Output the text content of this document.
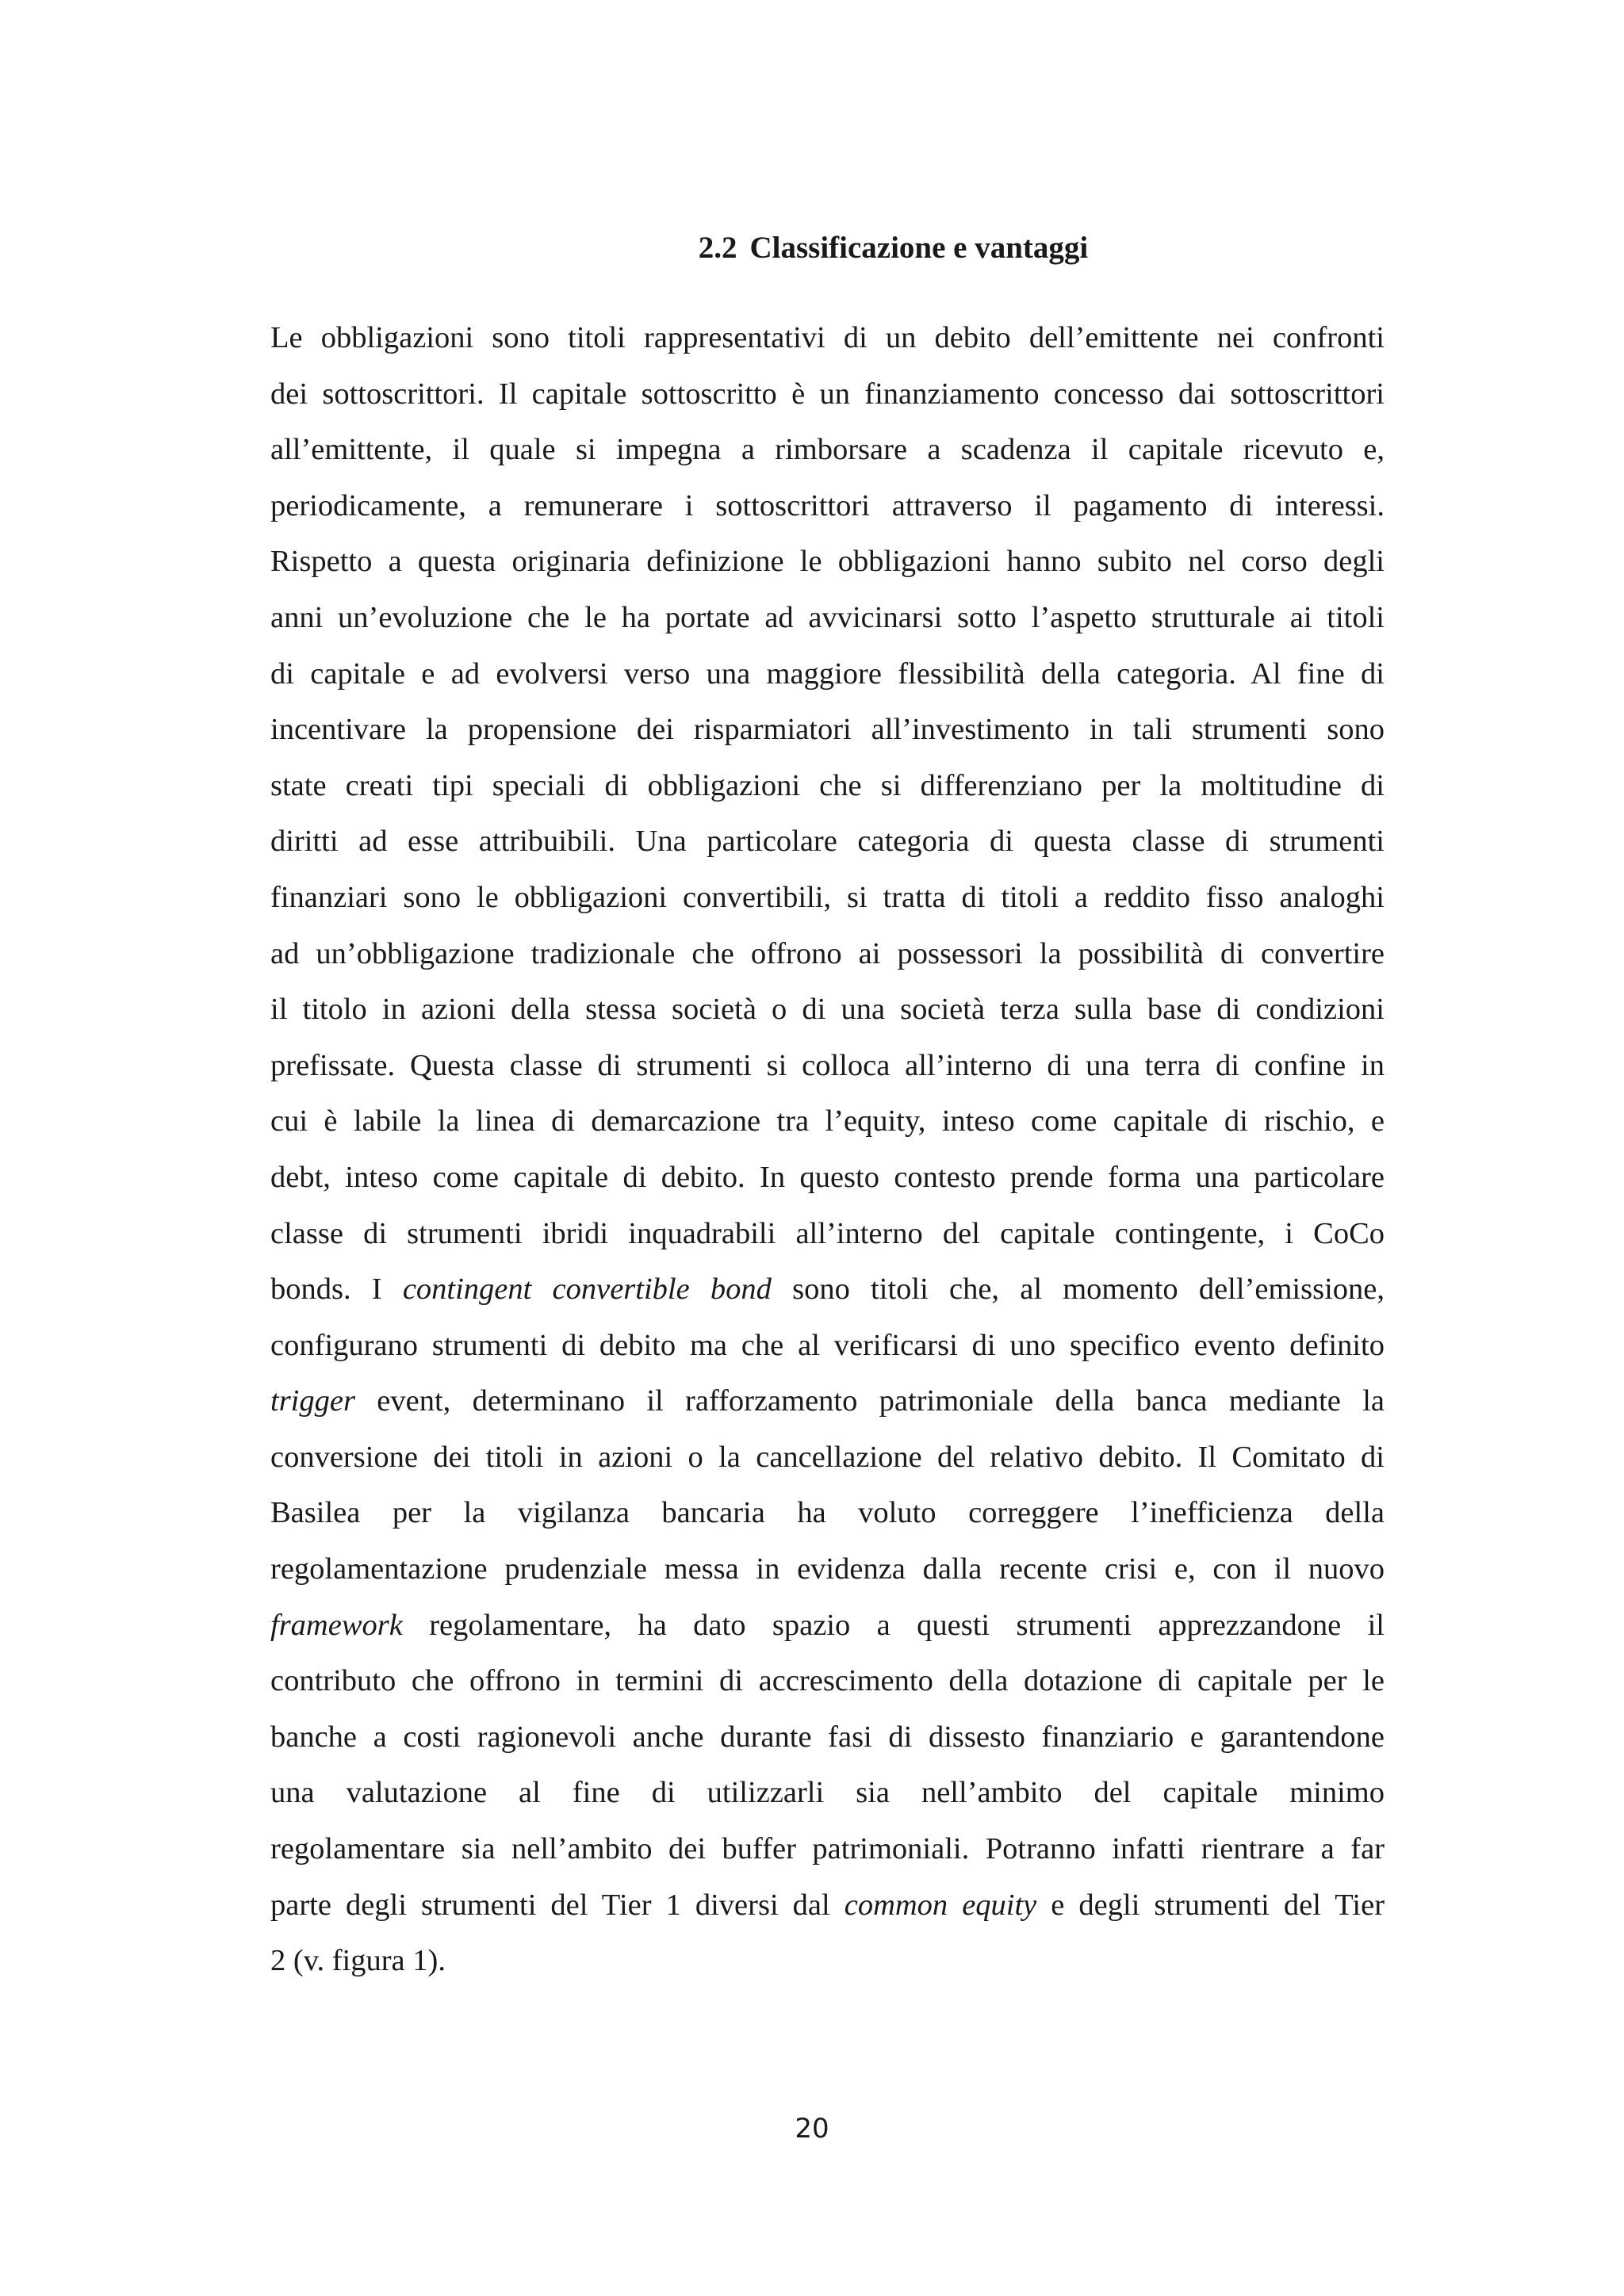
2.2 Classificazione e vantaggi
Le obbligazioni sono titoli rappresentativi di un debito dell’emittente nei confronti
dei sottoscrittori. Il capitale sottoscritto è un finanziamento concesso dai sottoscrittori
all’emittente, il quale si impegna a rimborsare a scadenza il capitale ricevuto e,
periodicamente, a remunerare i sottoscrittori attraverso il pagamento di interessi.
Rispetto a questa originaria definizione le obbligazioni hanno subito nel corso degli
anni un’evoluzione che le ha portate ad avvicinarsi sotto l’aspetto strutturale ai titoli
di capitale e ad evolversi verso una maggiore flessibilità della categoria. Al fine di
incentivare la propensione dei risparmiatori all’investimento in tali strumenti sono
state creati tipi speciali di obbligazioni che si differenziano per la moltitudine di
diritti ad esse attribuibili. Una particolare categoria di questa classe di strumenti
finanziari sono le obbligazioni convertibili, si tratta di titoli a reddito fisso analoghi
ad un’obbligazione tradizionale che offrono ai possessori la possibilità di convertire
il titolo in azioni della stessa società o di una società terza sulla base di condizioni
prefissate. Questa classe di strumenti si colloca all’interno di una terra di confine in
cui è labile la linea di demarcazione tra l’equity, inteso come capitale di rischio, e
debt, inteso come capitale di debito. In questo contesto prende forma una particolare
classe di strumenti ibridi inquadrabili all’interno del capitale contingente, i CoCo
bonds. I contingent convertible bond sono titoli che, al momento dell’emissione,
configurano strumenti di debito ma che al verificarsi di uno specifico evento definito
trigger event, determinano il rafforzamento patrimoniale della banca mediante la
conversione dei titoli in azioni o la cancellazione del relativo debito. Il Comitato di
Basilea per la vigilanza bancaria ha voluto correggere l’inefficienza della
regolamentazione prudenziale messa in evidenza dalla recente crisi e, con il nuovo
framework regolamentare, ha dato spazio a questi strumenti apprezzandone il
contributo che offrono in termini di accrescimento della dotazione di capitale per le
banche a costi ragionevoli anche durante fasi di dissesto finanziario e garantendone
una valutazione al fine di utilizzarli sia nell’ambito del capitale minimo
regolamentare sia nell’ambito dei buffer patrimoniali. Potranno infatti rientrare a far
parte degli strumenti del Tier 1 diversi dal common equity e degli strumenti del Tier
2 (v. figura 1).
20
